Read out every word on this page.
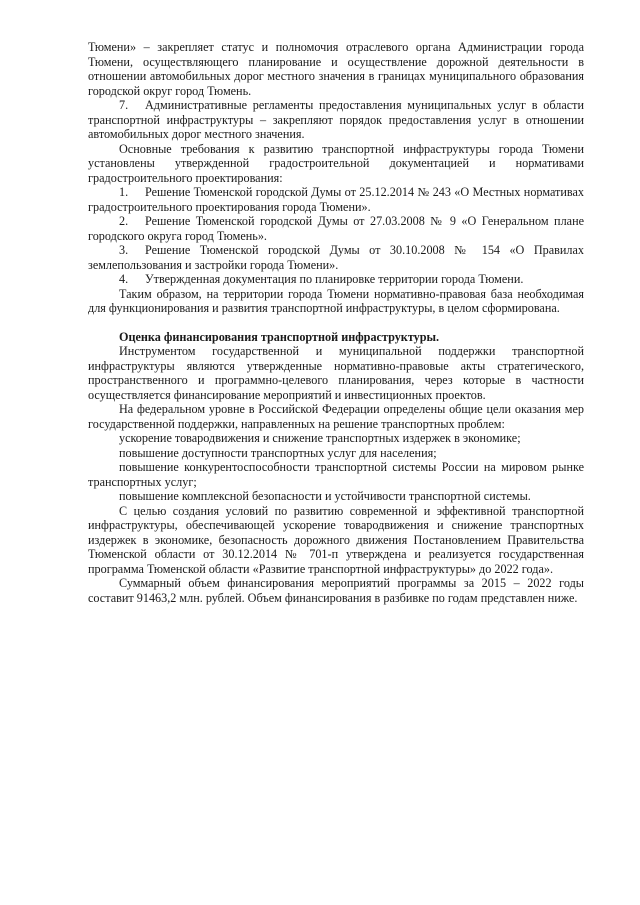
Тюмени» – закрепляет статус и полномочия отраслевого органа Администрации города Тюмени, осуществляющего планирование и осуществление дорожной деятельности в отношении автомобильных дорог местного значения в границах муниципального образования городской округ город Тюмень.

7. Административные регламенты предоставления муниципальных услуг в области транспортной инфраструктуры – закрепляют порядок предоставления услуг в отношении автомобильных дорог местного значения.

Основные требования к развитию транспортной инфраструктуры города Тюмени установлены утвержденной градостроительной документацией и нормативами градостроительного проектирования:

1. Решение Тюменской городской Думы от 25.12.2014 № 243 «О Местных нормативах градостроительного проектирования города Тюмени».

2. Решение Тюменской городской Думы от 27.03.2008 № 9 «О Генеральном плане городского округа город Тюмень».

3. Решение Тюменской городской Думы от 30.10.2008 № 154 «О Правилах землепользования и застройки города Тюмени».

4. Утвержденная документация по планировке территории города Тюмени.

Таким образом, на территории города Тюмени нормативно-правовая база необходимая для функционирования и развития транспортной инфраструктуры, в целом сформирована.

Оценка финансирования транспортной инфраструктуры.

Инструментом государственной и муниципальной поддержки транспортной инфраструктуры являются утвержденные нормативно-правовые акты стратегического, пространственного и программно-целевого планирования, через которые в частности осуществляется финансирование мероприятий и инвестиционных проектов.

На федеральном уровне в Российской Федерации определены общие цели оказания мер государственной поддержки, направленных на решение транспортных проблем:

ускорение товародвижения и снижение транспортных издержек в экономике;

повышение доступности транспортных услуг для населения;

повышение конкурентоспособности транспортной системы России на мировом рынке транспортных услуг;

повышение комплексной безопасности и устойчивости транспортной системы.

С целью создания условий по развитию современной и эффективной транспортной инфраструктуры, обеспечивающей ускорение товародвижения и снижение транспортных издержек в экономике, безопасность дорожного движения Постановлением Правительства Тюменской области от 30.12.2014 № 701-п утверждена и реализуется государственная программа Тюменской области «Развитие транспортной инфраструктуры» до 2022 года».

Суммарный объем финансирования мероприятий программы за 2015 – 2022 годы составит 91463,2 млн. рублей. Объем финансирования в разбивке по годам представлен ниже.
